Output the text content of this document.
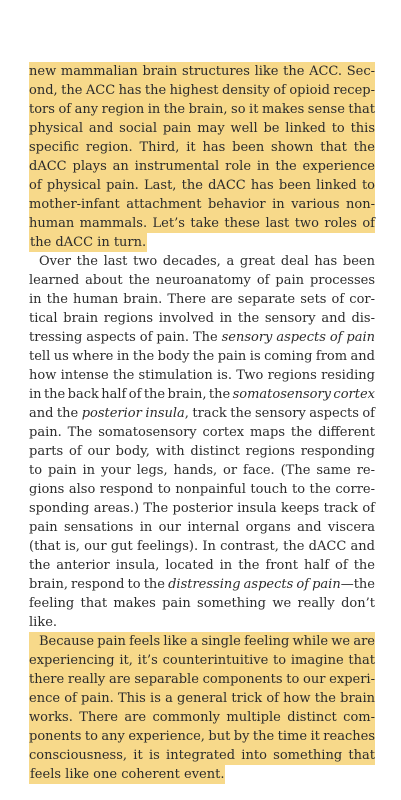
new mammalian brain structures like the ACC. Sec-
ond, the ACC has the highest density of opioid recep-
tors of any region in the brain, so it makes sense that
physical and social pain may well be linked to this
specific region. Third, it has been shown that the
dACC plays an instrumental role in the experience
of physical pain. Last, the dACC has been linked to
mother-infant attachment behavior in various non-
human mammals. Let’s take these last two roles of
the dACC in turn.
Over the last two decades, a great deal has been
learned about the neuroanatomy of pain processes
in the human brain. There are separate sets of cor-
tical brain regions involved in the sensory and dis-
tressing aspects of pain. The sensory aspects of pain
tell us where in the body the pain is coming from and
how intense the stimulation is. Two regions residing
in the back half of the brain, the somatosensory cortex
and the posterior insula, track the sensory aspects of
pain. The somatosensory cortex maps the different
parts of our body, with distinct regions responding
to pain in your legs, hands, or face. (The same re-
gions also respond to nonpainful touch to the corre-
sponding areas.) The posterior insula keeps track of
pain sensations in our internal organs and viscera
(that is, our gut feelings). In contrast, the dACC and
the anterior insula, located in the front half of the
brain, respond to the distressing aspects of pain—the
feeling that makes pain something we really don’t
like.
Because pain feels like a single feeling while we are
experiencing it, it’s counterintuitive to imagine that
there really are separable components to our experi-
ence of pain. This is a general trick of how the brain
works. There are commonly multiple distinct com-
ponents to any experience, but by the time it reaches
consciousness, it is integrated into something that
feels like one coherent event.
